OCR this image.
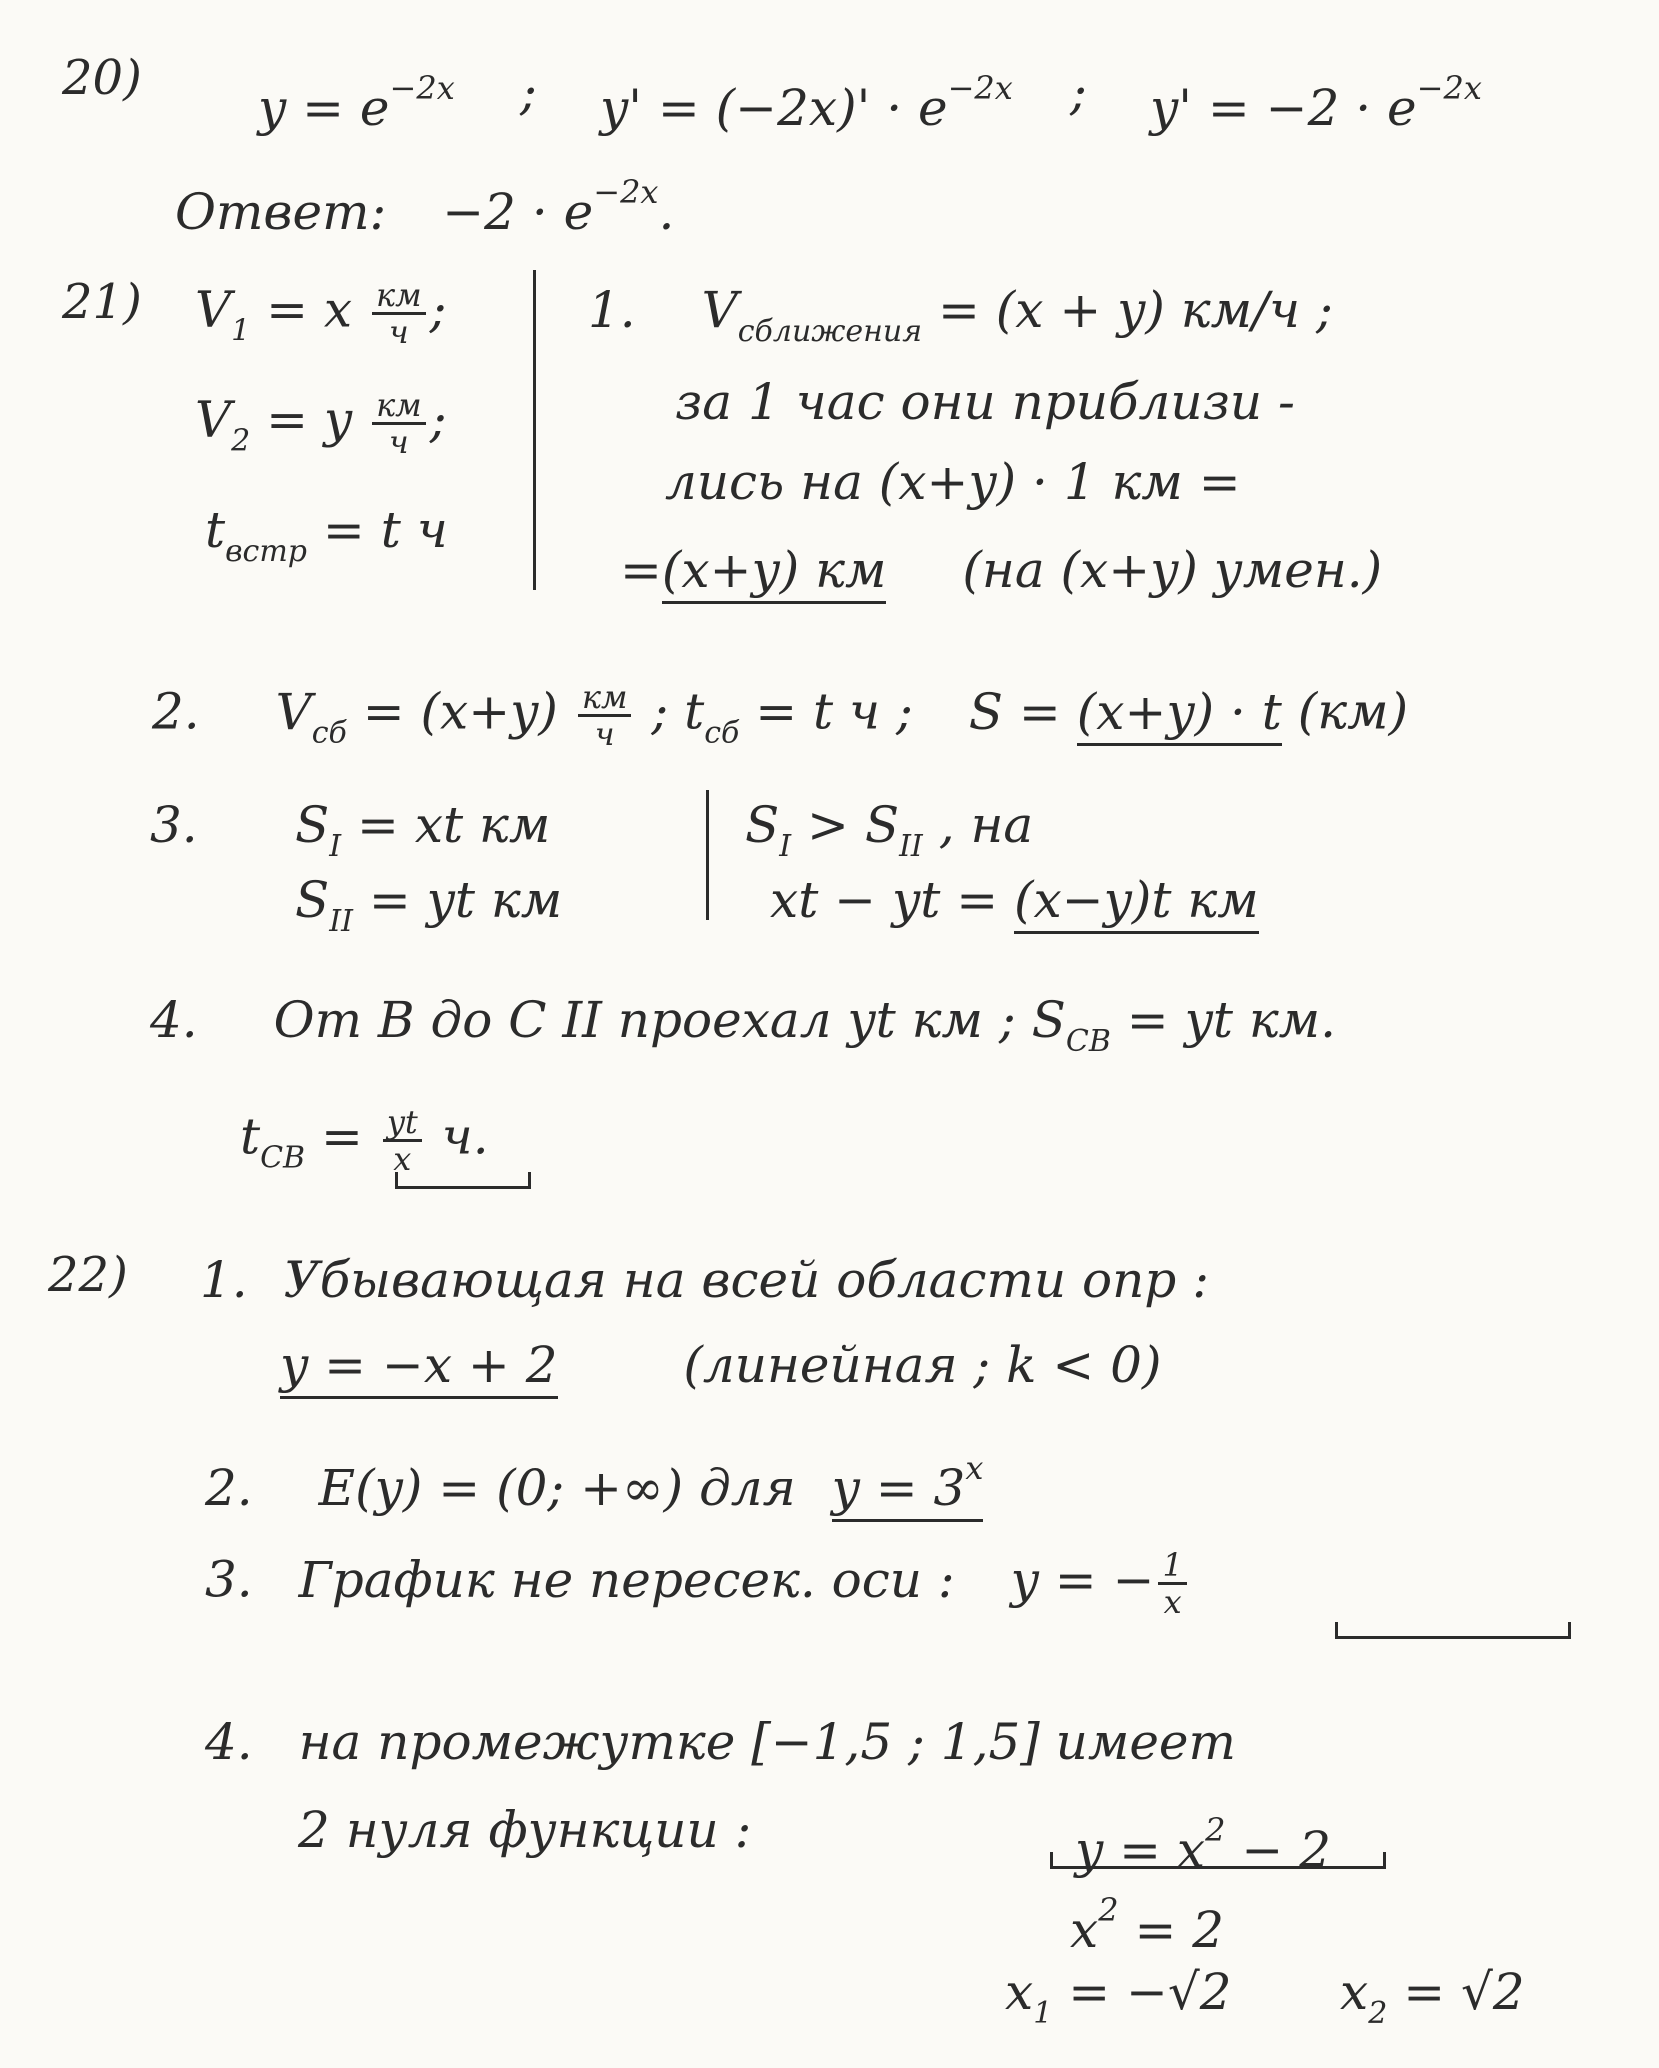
20)
$y = e^{-2x}$ ; $y' = (-2x)' \cdot e^{-2x}$ ; $y' = -2 \cdot e^{-2x}$
Ответ: $-2 \cdot e^{-2x}$.
21) $V_1 = x \frac{км}{ч}$ ;
$V_2 = y \frac{км}{ч}$ ;
$t_{встр} = t$ ч
1. $V_{сближения} = (x + y)$ км/ч ;
за 1 час они приблизи -
лись на (x+y) · 1 км =
=(x+y) км (на (x+y) умен.)
2. $V_{сб} = (x+y) \frac{км}{ч}$ ; $t_{сб} = t$ ч ; S = (x+y) · t (км)
3. $S_I$ = xt км
$S_{II}$ = yt км
$S_I > S_{II}$ , на
xt − yt = (x−y)t км
4. От B до C II проехал yt км ; $S_{CB}$ = yt км.
$t_{CB} = \frac{yt}{x} ч$.
22) 1. Убывающая на всей области опр :
y = −x + 2	(линейная ; k < 0)
2. E(y) = (0; +∞) для $y = 3^x$
3. График не пересек. оси : y = − $\frac{1}{x}$
4. на промежутке [−1,5 ; 1,5] имеет
2 нуля функции :	$y = x^2 - 2$
$x^2 = 2$
$x_1 = -√2$ $x_2 = √2$
